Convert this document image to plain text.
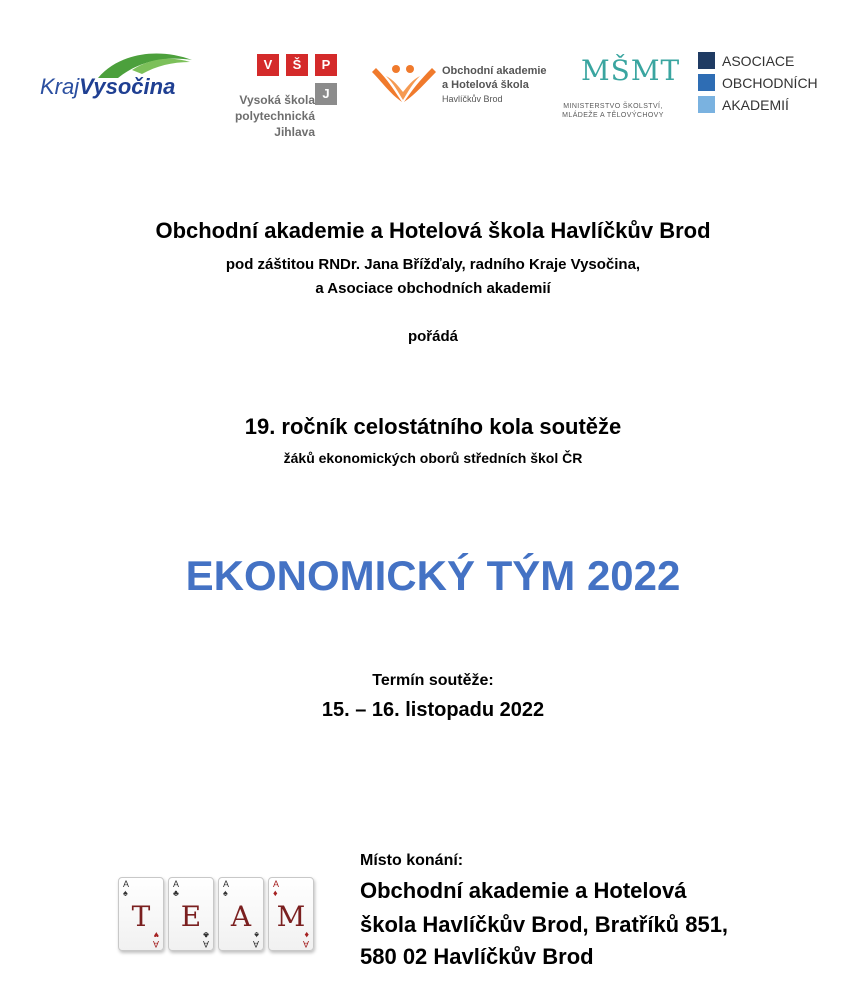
KrajVysočina
V	Š	P
J
Vysoká škola
polytechnická
Jihlava
Obchodní akademie
a Hotelová škola
Havlíčkův Brod
MŠMT
MINISTERSTVO ŠKOLSTVÍ,
MLÁDEŽE A TĚLOVÝCHOVY
ASOCIACE
OBCHODNÍCH
AKADEMIÍ
Obchodní akademie a Hotelová škola Havlíčkův Brod
pod záštitou RNDr. Jana Břížďaly, radního Kraje Vysočina,
a Asociace obchodních akademií
pořádá
19. ročník celostátního kola soutěže
žáků ekonomických oborů středních škol ČR
EKONOMICKÝ TÝM 2022
Termín soutěže:
15. – 16. listopadu 2022
A
♠
T
A
♥
A
♣
E
A
♣
A
♠
A
A
♠
A
♦
M
A
♦
Místo konání:
Obchodní akademie a Hotelová
škola Havlíčkův Brod, Bratříků 851,
580 02 Havlíčkův Brod
